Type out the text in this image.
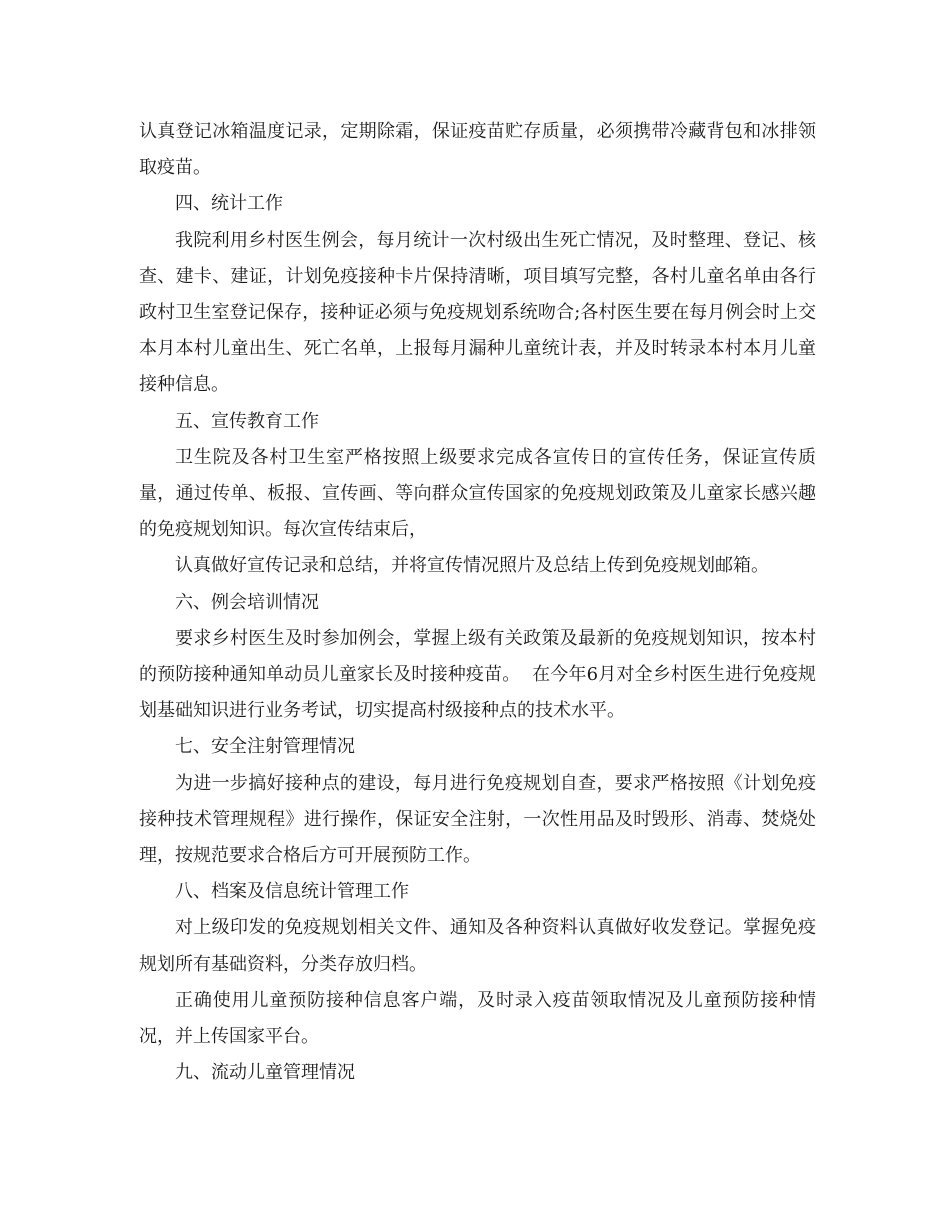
认真登记冰箱温度记录，定期除霜，保证疫苗贮存质量，必须携带冷藏背包和冰排领取疫苗。

四、统计工作

我院利用乡村医生例会，每月统计一次村级出生死亡情况，及时整理、登记、核查、建卡、建证，计划免疫接种卡片保持清晰，项目填写完整，各村儿童名单由各行政村卫生室登记保存，接种证必须与免疫规划系统吻合;各村医生要在每月例会时上交本月本村儿童出生、死亡名单，上报每月漏种儿童统计表，并及时转录本村本月儿童接种信息。

五、宣传教育工作

卫生院及各村卫生室严格按照上级要求完成各宣传日的宣传任务，保证宣传质量，通过传单、板报、宣传画、等向群众宣传国家的免疫规划政策及儿童家长感兴趣的免疫规划知识。每次宣传结束后，

认真做好宣传记录和总结，并将宣传情况照片及总结上传到免疫规划邮箱。

六、例会培训情况

要求乡村医生及时参加例会，掌握上级有关政策及最新的免疫规划知识，按本村的预防接种通知单动员儿童家长及时接种疫苗。  在今年6月对全乡村医生进行免疫规划基础知识进行业务考试，切实提高村级接种点的技术水平。

七、安全注射管理情况

为进一步搞好接种点的建设，每月进行免疫规划自查，要求严格按照《计划免疫接种技术管理规程》进行操作，保证安全注射，一次性用品及时毁形、消毒、焚烧处理，按规范要求合格后方可开展预防工作。

八、档案及信息统计管理工作

对上级印发的免疫规划相关文件、通知及各种资料认真做好收发登记。掌握免疫规划所有基础资料，分类存放归档。

正确使用儿童预防接种信息客户端，及时录入疫苗领取情况及儿童预防接种情况，并上传国家平台。

九、流动儿童管理情况
